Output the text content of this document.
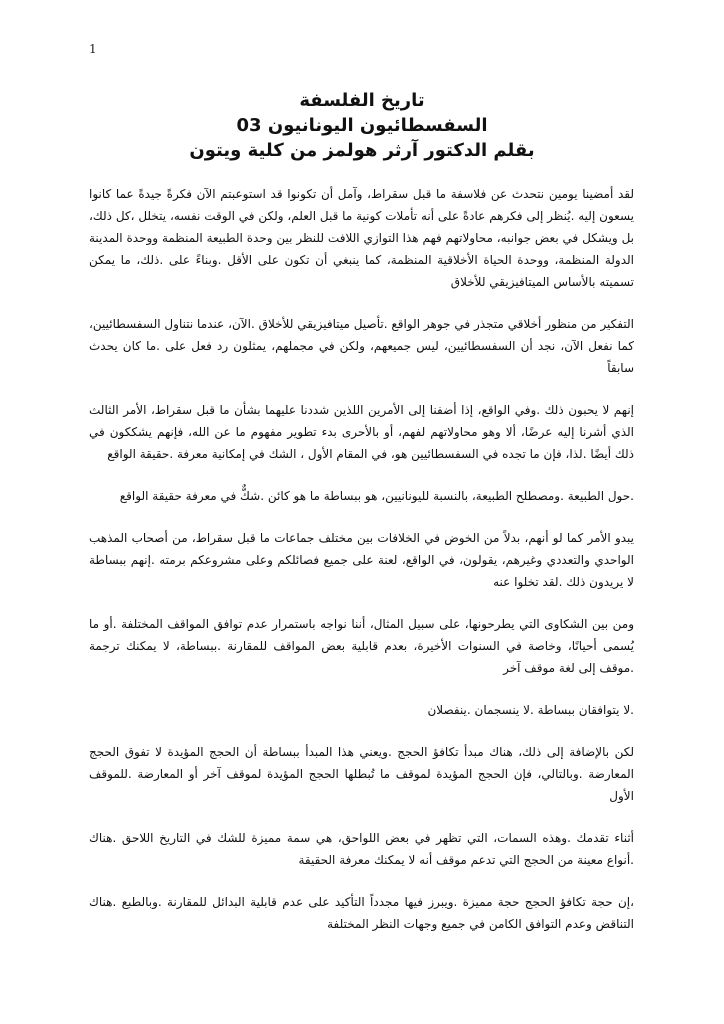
1

تاريخ الفلسفة

السفسطائيون اليونانيون 03

بقلم الدكتور آرثر هولمز من كلية ويتون

لقد أمضينا يومين نتحدث عن فلاسفة ما قبل سقراط، وآمل أن تكونوا قد استوعبتم الآن فكرةً جيدةً عما كانوا يسعون إليه .يُنظر إلى فكرهم عادةً على أنه تأملات كونية ما قبل العلم، ولكن في الوقت نفسه، يتخلل ،كل ذلك، بل ويشكل في بعض جوانبه، محاولاتهم فهم هذا التوازي اللافت للنظر بين وحدة الطبيعة المنظمة ووحدة المدينة الدولة المنظمة، ووحدة الحياة الأخلاقية المنظمة، كما ينبغي أن تكون على الأقل .وبناءً على .ذلك، ما يمكن تسميته بالأساس الميتافيزيقي للأخلاق

التفكير من منظور أخلاقي متجذر في جوهر الواقع .تأصيل ميتافيزيقي للأخلاق .الآن، عندما نتناول السفسطائيين، كما نفعل الآن، نجد أن السفسطائيين، ليس جميعهم، ولكن في مجملهم، يمثلون رد فعل على .ما كان يحدث سابقاً

إنهم لا يحبون ذلك .وفي الواقع، إذا أضفنا إلى الأمرين اللذين شددنا عليهما بشأن ما قبل سقراط، الأمر الثالث الذي أشرنا إليه عرضًا، ألا وهو محاولاتهم لفهم، أو بالأحرى بدء تطوير مفهوم ما عن الله، فإنهم يشككون في ذلك أيضًا .لذا، فإن ما تجده في السفسطائيين هو، في المقام الأول ، الشك في إمكانية معرفة .حقيقة الواقع

.حول الطبيعة .ومصطلح الطبيعة، بالنسبة لليونانيين، هو ببساطة ما هو كائن .شكٌّ في معرفة حقيقة الواقع

يبدو الأمر كما لو أنهم، بدلاً من الخوض في الخلافات بين مختلف جماعات ما قبل سقراط، من أصحاب المذهب الواحدي والتعددي وغيرهم، يقولون، في الواقع، لعنة على جميع فصائلكم وعلى مشروعكم برمته .إنهم ببساطة لا يريدون ذلك .لقد تخلوا عنه

ومن بين الشكاوى التي يطرحونها، على سبيل المثال، أننا نواجه باستمرار عدم توافق المواقف المختلفة .أو ما يُسمى أحيانًا، وخاصة في السنوات الأخيرة، بعدم قابلية بعض المواقف للمقارنة .ببساطة، لا يمكنك ترجمة .موقف إلى لغة موقف آخر

.لا يتوافقان ببساطة .لا ينسجمان .ينفصلان

لكن بالإضافة إلى ذلك، هناك مبدأ تكافؤ الحجج .ويعني هذا المبدأ ببساطة أن الحجج المؤيدة لا تفوق الحجج المعارضة .وبالتالي، فإن الحجج المؤيدة لموقف ما تُبطلها الحجج المؤيدة لموقف آخر أو المعارضة .للموقف الأول

أثناء تقدمك .وهذه السمات، التي تظهر في بعض اللواحق، هي سمة مميزة للشك في التاريخ اللاحق .هناك .أنواع معينة من الحجج التي تدعم موقف أنه لا يمكنك معرفة الحقيقة

،إن حجة تكافؤ الحجج حجة مميزة .ويبرز فيها مجدداً التأكيد على عدم قابلية البدائل للمقارنة .وبالطبع .هناك التناقض وعدم التوافق الكامن في جميع وجهات النظر المختلفة
